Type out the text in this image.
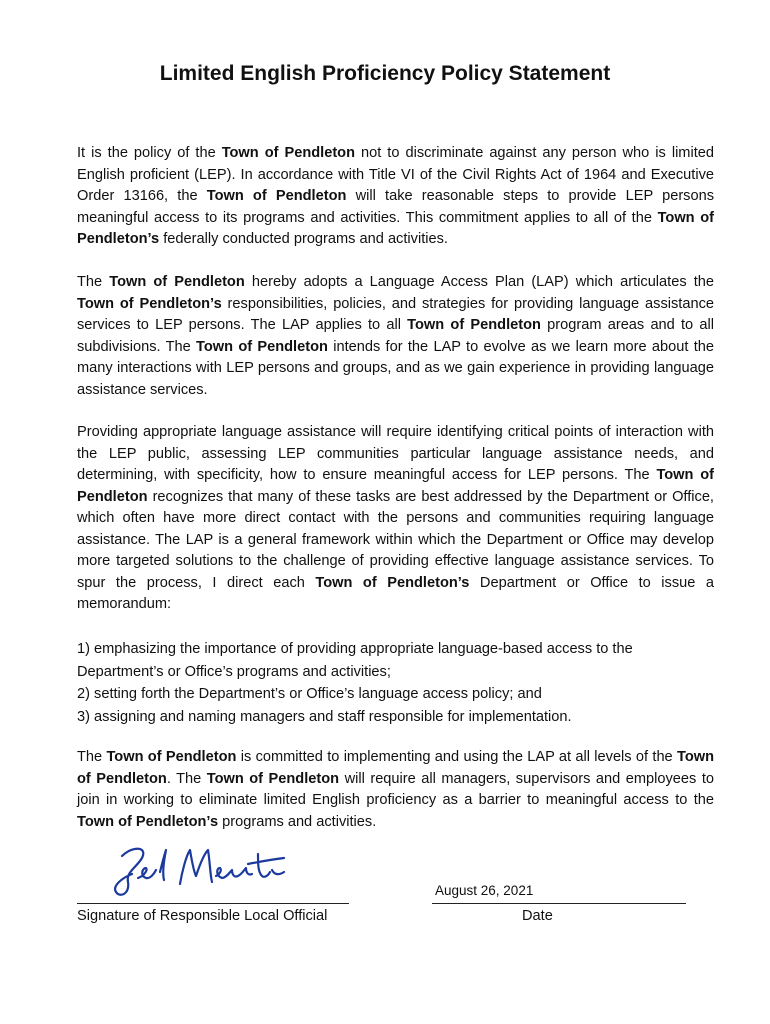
Limited English Proficiency Policy Statement

It is the policy of the Town of Pendleton not to discriminate against any person who is limited English proficient (LEP). In accordance with Title VI of the Civil Rights Act of 1964 and Executive Order 13166, the Town of Pendleton will take reasonable steps to provide LEP persons meaningful access to its programs and activities. This commitment applies to all of the Town of Pendleton’s federally conducted programs and activities.

The Town of Pendleton hereby adopts a Language Access Plan (LAP) which articulates the Town of Pendleton’s responsibilities, policies, and strategies for providing language assistance services to LEP persons. The LAP applies to all Town of Pendleton program areas and to all subdivisions. The Town of Pendleton intends for the LAP to evolve as we learn more about the many interactions with LEP persons and groups, and as we gain experience in providing language assistance services.

Providing appropriate language assistance will require identifying critical points of interaction with the LEP public, assessing LEP communities particular language assistance needs, and determining, with specificity, how to ensure meaningful access for LEP persons. The Town of Pendleton recognizes that many of these tasks are best addressed by the Department or Office, which often have more direct contact with the persons and communities requiring language assistance. The LAP is a general framework within which the Department or Office may develop more targeted solutions to the challenge of providing effective language assistance services. To spur the process, I direct each Town of Pendleton’s Department or Office to issue a memorandum:

1) emphasizing the importance of providing appropriate language-based access to the
Department’s or Office’s programs and activities;
2) setting forth the Department’s or Office’s language access policy; and
3) assigning and naming managers and staff responsible for implementation.

The Town of Pendleton is committed to implementing and using the LAP at all levels of the Town of Pendleton. The Town of Pendleton will require all managers, supervisors and employees to join in working to eliminate limited English proficiency as a barrier to meaningful access to the Town of Pendleton’s programs and activities.

Signature of Responsible Local Official
August 26, 2021
Date
